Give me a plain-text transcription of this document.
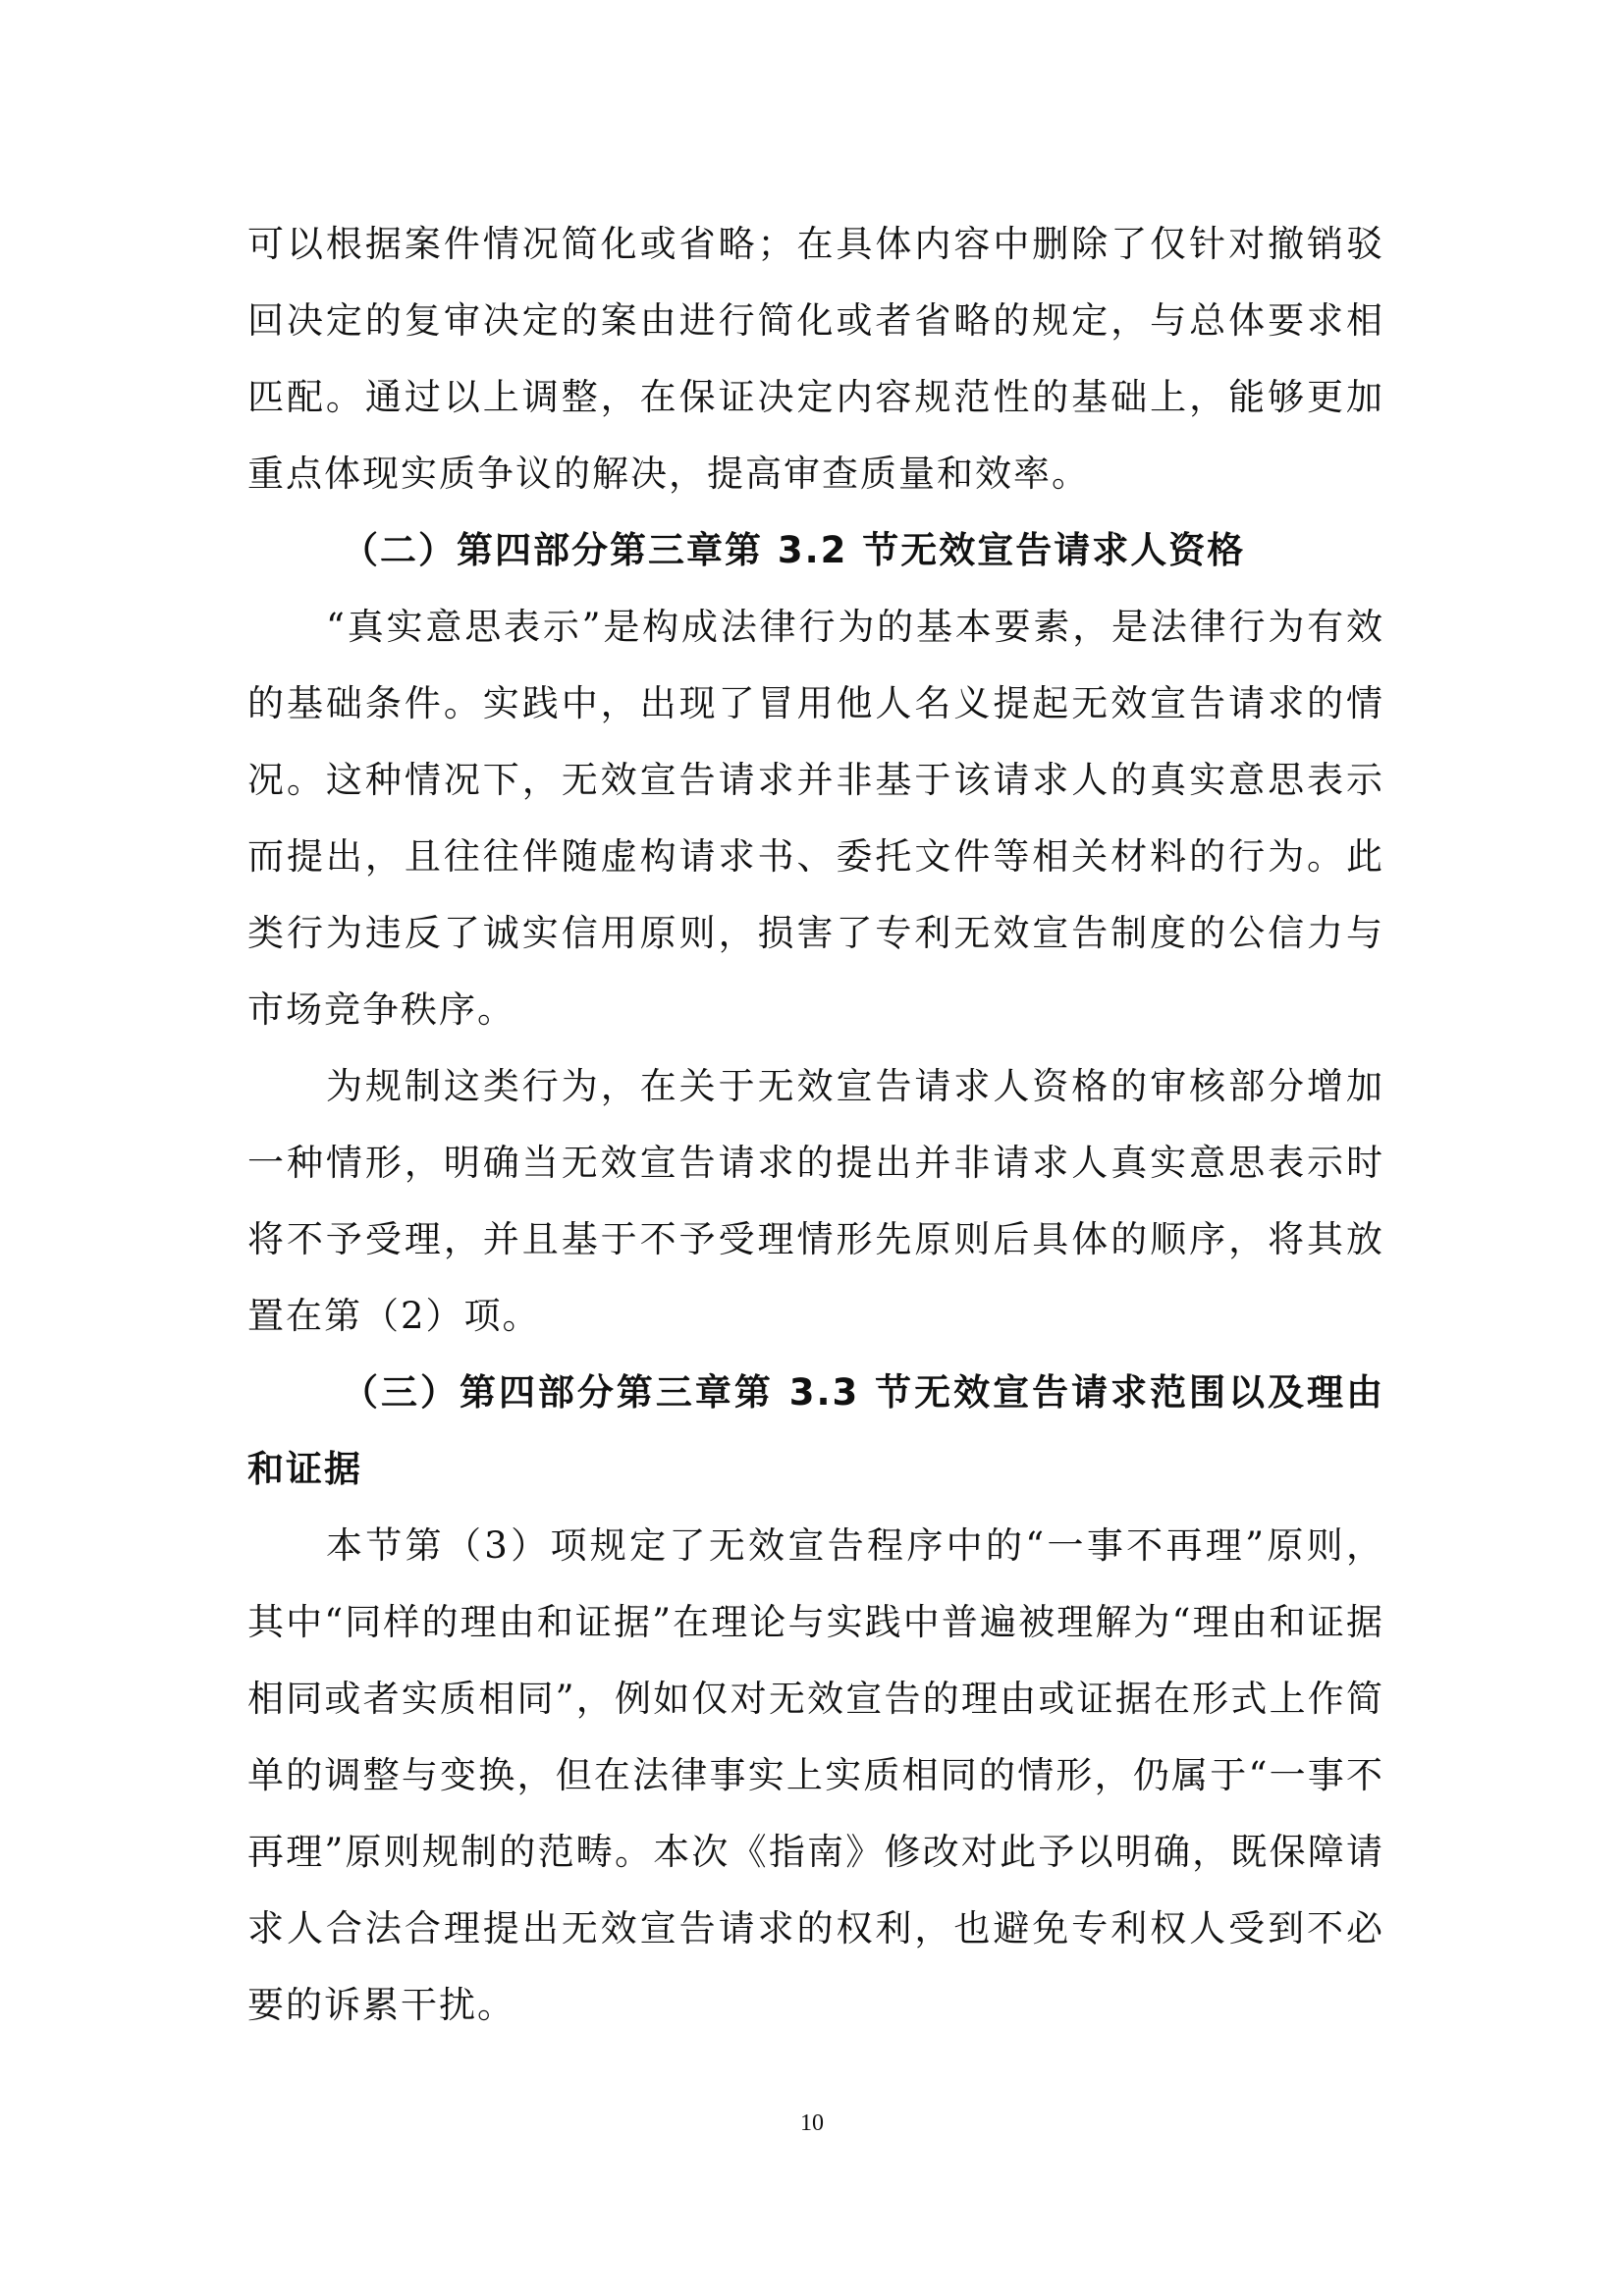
可以根据案件情况简化或省略；在具体内容中删除了仅针对撤销驳回决定的复审决定的案由进行简化或者省略的规定，与总体要求相匹配。通过以上调整，在保证决定内容规范性的基础上，能够更加重点体现实质争议的解决，提高审查质量和效率。

（二）第四部分第三章第 3.2 节无效宣告请求人资格

“真实意思表示”是构成法律行为的基本要素，是法律行为有效的基础条件。实践中，出现了冒用他人名义提起无效宣告请求的情况。这种情况下，无效宣告请求并非基于该请求人的真实意思表示而提出，且往往伴随虚构请求书、委托文件等相关材料的行为。此类行为违反了诚实信用原则，损害了专利无效宣告制度的公信力与市场竞争秩序。

为规制这类行为，在关于无效宣告请求人资格的审核部分增加一种情形，明确当无效宣告请求的提出并非请求人真实意思表示时将不予受理，并且基于不予受理情形先原则后具体的顺序，将其放置在第（2）项。

（三）第四部分第三章第 3.3 节无效宣告请求范围以及理由和证据

本节第（3）项规定了无效宣告程序中的“一事不再理”原则，其中“同样的理由和证据”在理论与实践中普遍被理解为“理由和证据相同或者实质相同”，例如仅对无效宣告的理由或证据在形式上作简单的调整与变换，但在法律事实上实质相同的情形，仍属于“一事不再理”原则规制的范畴。本次《指南》修改对此予以明确，既保障请求人合法合理提出无效宣告请求的权利，也避免专利权人受到不必要的诉累干扰。

10
